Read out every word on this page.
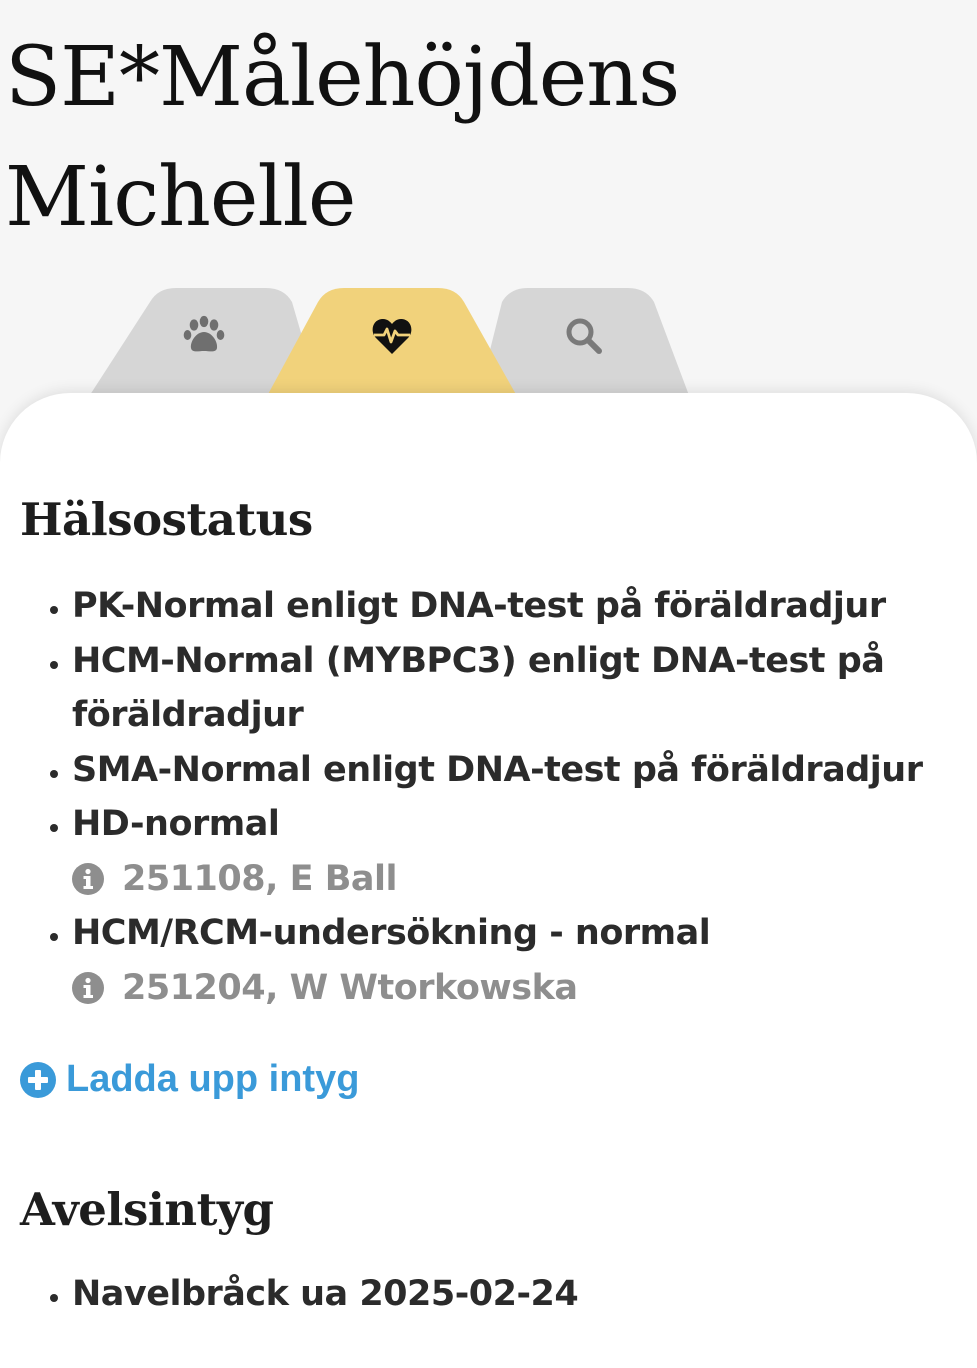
SE*Målehöjdens
Michelle
Hälsostatus
• PK-Normal enligt DNA-test på föräldradjur
• HCM-Normal (MYBPC3) enligt DNA-test på föräldradjur
• SMA-Normal enligt DNA-test på föräldradjur
• HD-normal
251108, E Ball
• HCM/RCM-undersökning - normal
251204, W Wtorkowska
Ladda upp intyg
Avelsintyg
• Navelbråck ua 2025-02-24
